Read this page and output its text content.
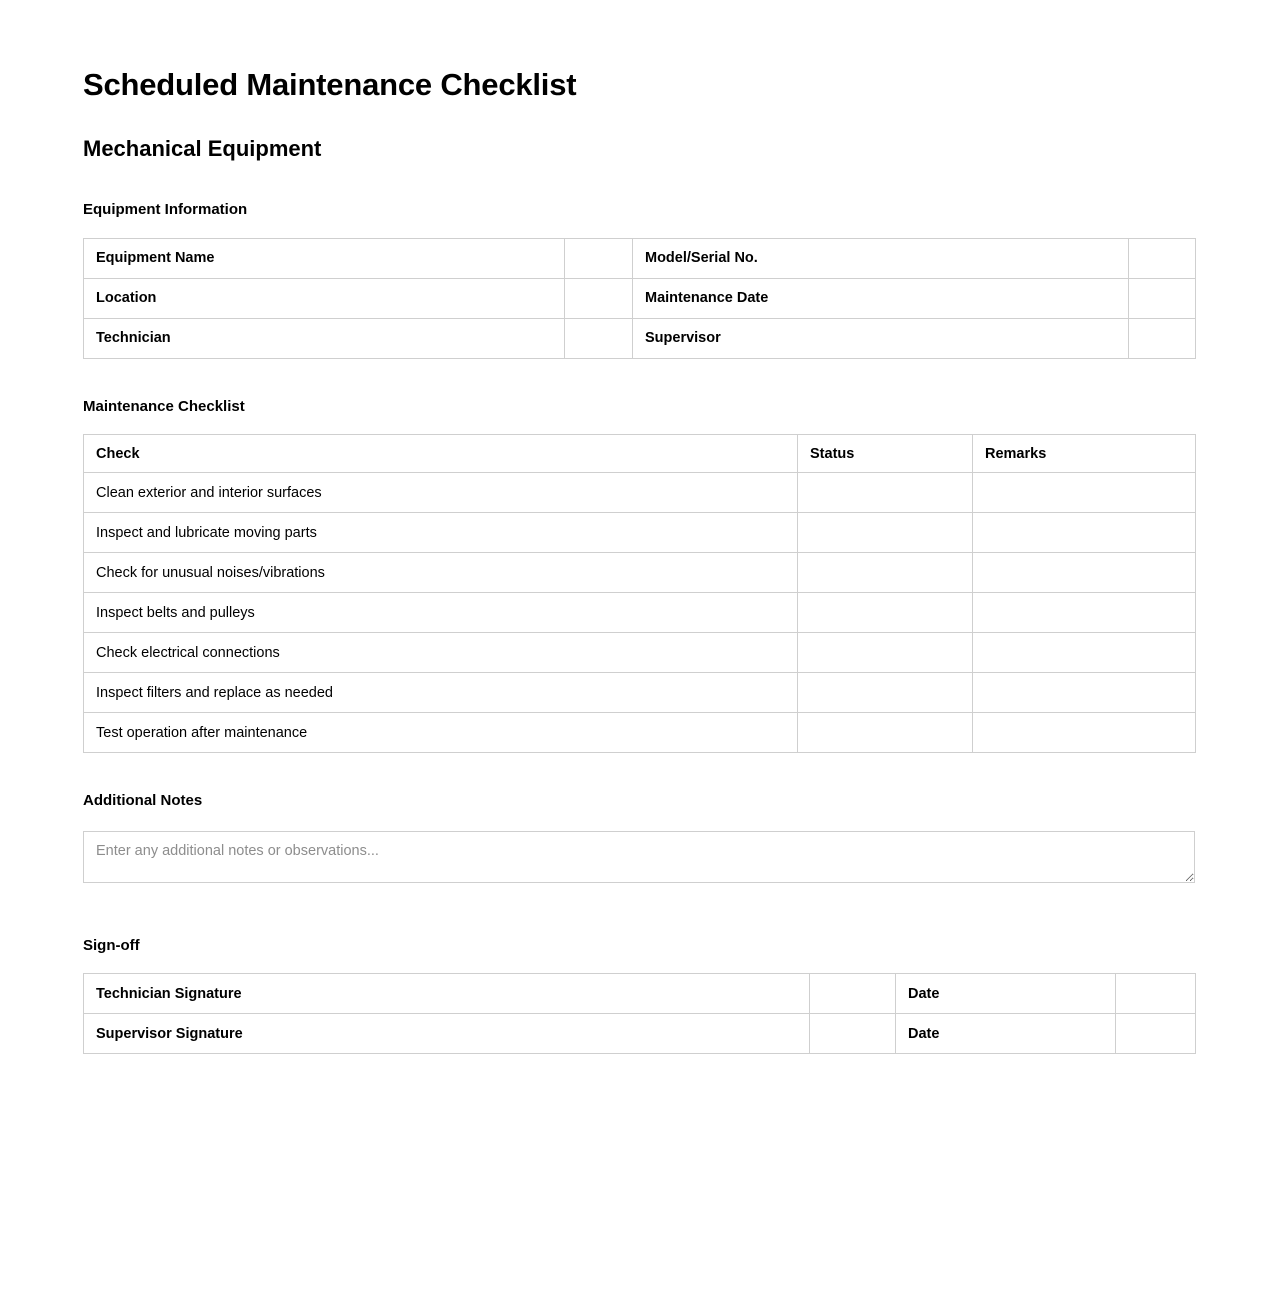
Scheduled Maintenance Checklist
Mechanical Equipment
Equipment Information
Equipment Name		Model/Serial No.	
Location		Maintenance Date	
Technician		Supervisor	
Maintenance Checklist
Check	Status	Remarks
Clean exterior and interior surfaces		
Inspect and lubricate moving parts		
Check for unusual noises/vibrations		
Inspect belts and pulleys		
Check electrical connections		
Inspect filters and replace as needed		
Test operation after maintenance		
Additional Notes
Enter any additional notes or observations...
Sign-off
Technician Signature		Date	
Supervisor Signature		Date	
